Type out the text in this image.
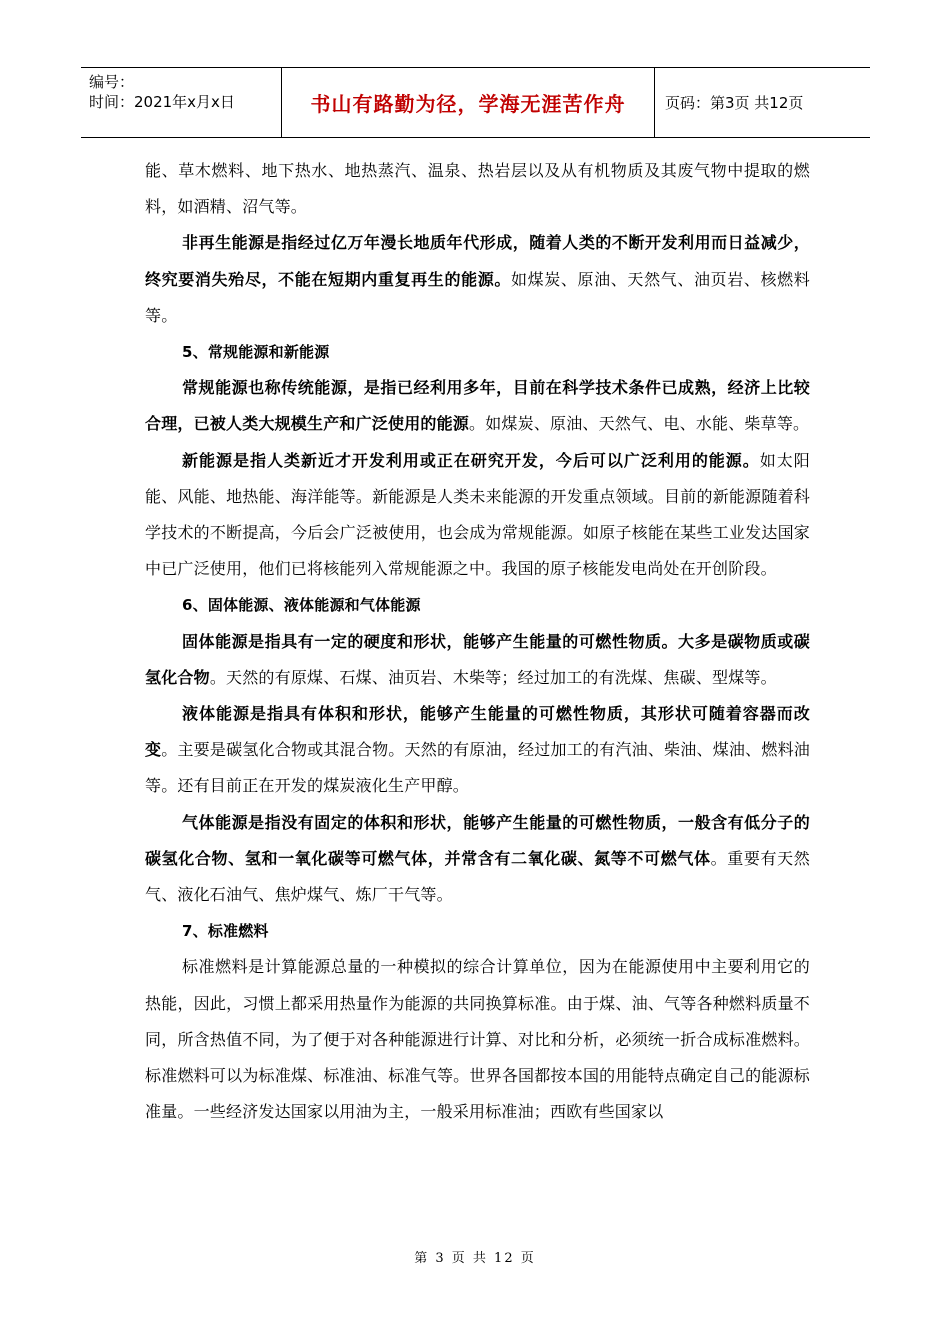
编号：
时间：2021年x月x日	书山有路勤为径，学海无涯苦作舟	页码：第3页 共12页

能、草木燃料、地下热水、地热蒸汽、温泉、热岩层以及从有机物质及其废气物中提取的燃料，如酒精、沼气等。

非再生能源是指经过亿万年漫长地质年代形成，随着人类的不断开发利用而日益减少，终究要消失殆尽，不能在短期内重复再生的能源。如煤炭、原油、天然气、油页岩、核燃料等。

5、常规能源和新能源

常规能源也称传统能源，是指已经利用多年，目前在科学技术条件已成熟，经济上比较合理，已被人类大规模生产和广泛使用的能源。如煤炭、原油、天然气、电、水能、柴草等。

新能源是指人类新近才开发利用或正在研究开发，今后可以广泛利用的能源。如太阳能、风能、地热能、海洋能等。新能源是人类未来能源的开发重点领域。目前的新能源随着科学技术的不断提高，今后会广泛被使用，也会成为常规能源。如原子核能在某些工业发达国家中已广泛使用，他们已将核能列入常规能源之中。我国的原子核能发电尚处在开创阶段。

6、固体能源、液体能源和气体能源

固体能源是指具有一定的硬度和形状，能够产生能量的可燃性物质。大多是碳物质或碳氢化合物。天然的有原煤、石煤、油页岩、木柴等；经过加工的有洗煤、焦碳、型煤等。

液体能源是指具有体积和形状，能够产生能量的可燃性物质，其形状可随着容器而改变。主要是碳氢化合物或其混合物。天然的有原油，经过加工的有汽油、柴油、煤油、燃料油等。还有目前正在开发的煤炭液化生产甲醇。

气体能源是指没有固定的体积和形状，能够产生能量的可燃性物质，一般含有低分子的碳氢化合物、氢和一氧化碳等可燃气体，并常含有二氧化碳、氮等不可燃气体。重要有天然气、液化石油气、焦炉煤气、炼厂干气等。

7、标准燃料

标准燃料是计算能源总量的一种模拟的综合计算单位，因为在能源使用中主要利用它的热能，因此，习惯上都采用热量作为能源的共同换算标准。由于煤、油、气等各种燃料质量不同，所含热值不同，为了便于对各种能源进行计算、对比和分析，必须统一折合成标准燃料。标准燃料可以为标准煤、标准油、标准气等。世界各国都按本国的用能特点确定自己的能源标准量。一些经济发达国家以用油为主，一般采用标准油；西欧有些国家以

第 3 页 共 12 页
